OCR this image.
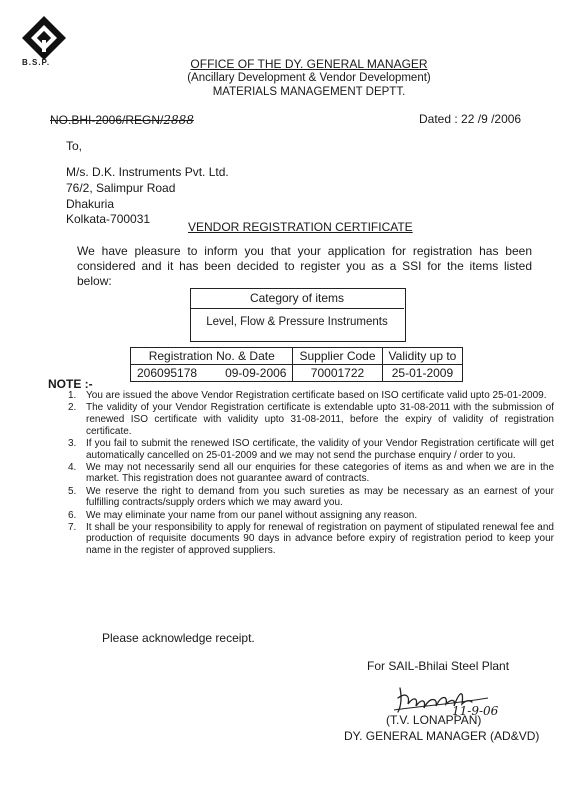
B.S.P.	OFFICE OF THE DY. GENERAL MANAGER
(Ancillary Development & Vendor Development)
MATERIALS MANAGEMENT DEPTT.
NO.BHI-2006/REGN/2888	Dated : 22 /9 /2006
To,
M/s. D.K. Instruments Pvt. Ltd.
76/2, Salimpur Road
Dhakuria
Kolkata-700031
VENDOR REGISTRATION CERTIFICATE
We have pleasure to inform you that your application for registration has been considered and it has been decided to register you as a SSI for the items listed below:
Category of items
Level, Flow & Pressure Instruments
Registration No. & Date		Supplier Code	Validity up to
206095178	09-09-2006	70001722	25-01-2009
NOTE :-
1. You are issued the above Vendor Registration certificate based on ISO certificate valid upto 25-01-2009.
2. The validity of your Vendor Registration certificate is extendable upto 31-08-2011 with the submission of renewed ISO certificate with validity upto 31-08-2011, before the expiry of validity of registration certificate.
3. If you fail to submit the renewed ISO certificate, the validity of your Vendor Registration certificate will get automatically cancelled on 25-01-2009 and we may not send the purchase enquiry / order to you.
4. We may not necessarily send all our enquiries for these categories of items as and when we are in the market. This registration does not guarantee award of contracts.
5. We reserve the right to demand from you such sureties as may be necessary as an earnest of your fulfilling contracts/supply orders which we may award you.
6. We may eliminate your name from our panel without assigning any reason.
7. It shall be your responsibility to apply for renewal of registration on payment of stipulated renewal fee and production of requisite documents 90 days in advance before expiry of registration period to keep your name in the register of approved suppliers.
Please acknowledge receipt.
For SAIL-Bhilai Steel Plant
11-9-06
(T.V. LONAPPAN)
DY. GENERAL MANAGER (AD&VD)
